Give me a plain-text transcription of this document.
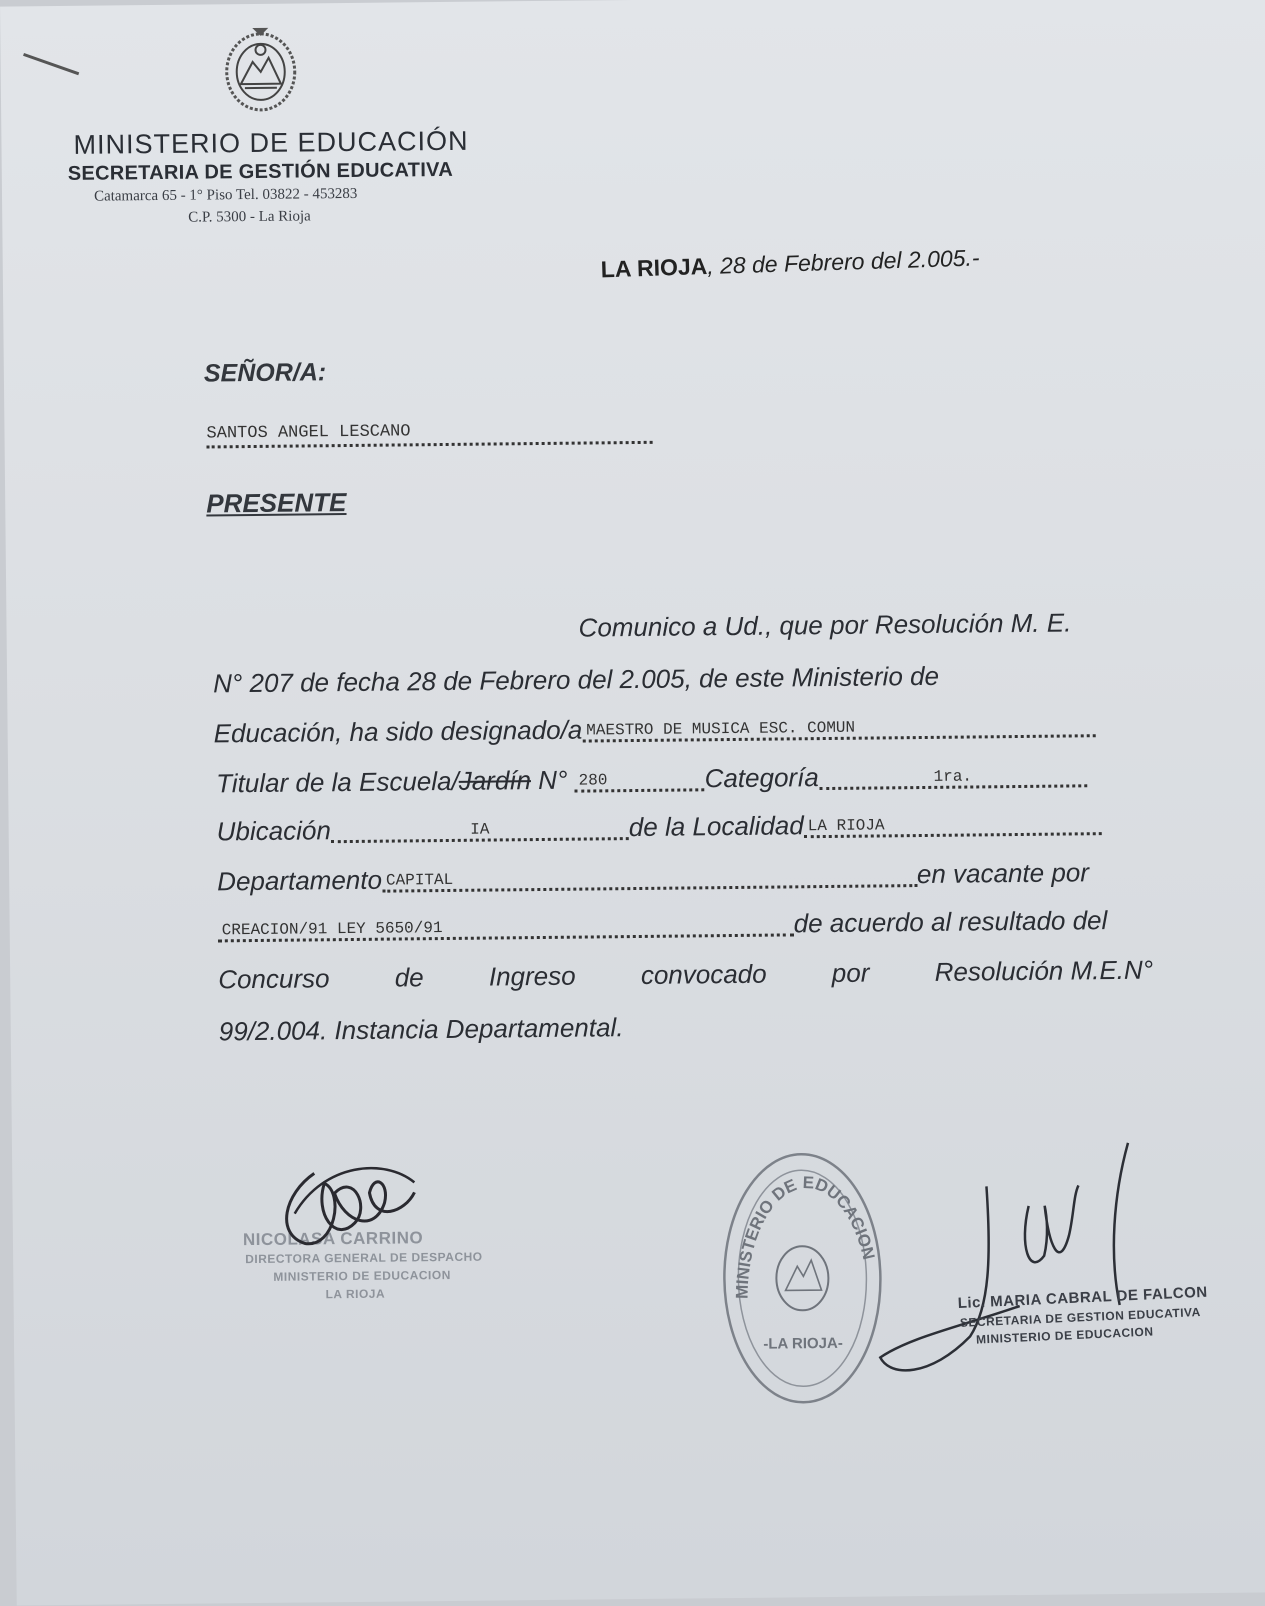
MINISTERIO DE EDUCACIÓN
SECRETARIA DE GESTIÓN EDUCATIVA
Catamarca 65 - 1° Piso Tel. 03822 - 453283
C.P. 5300 - La Rioja
LA RIOJA, 28 de Febrero del 2.005.-
SEÑOR/A:
SANTOS ANGEL LESCANO
PRESENTE
Comunico a Ud., que por Resolución M. E.
N° 207 de fecha 28 de Febrero del 2.005, de este Ministerio de
Educación, ha sido designado/a MAESTRO DE MUSICA ESC. COMUN
Titular de la Escuela/Jardín N° 280	Categoría	1ra.
Ubicación	IA	de la Localidad LA RIOJA
Departamento CAPITAL	en vacante por
CREACION/91 LEY 5650/91	de acuerdo al resultado del
Concurso de Ingreso convocado por Resolución M.E.N°
99/2.004. Instancia Departamental.
NICOLASA CARRINO
DIRECTORA GENERAL DE DESPACHO
MINISTERIO DE EDUCACION
LA RIOJA	MINISTERIO DE EDUCACION
-LA RIOJA-
Lic. MARIA CABRAL DE FALCON
SECRETARIA DE GESTION EDUCATIVA
MINISTERIO DE EDUCACION
